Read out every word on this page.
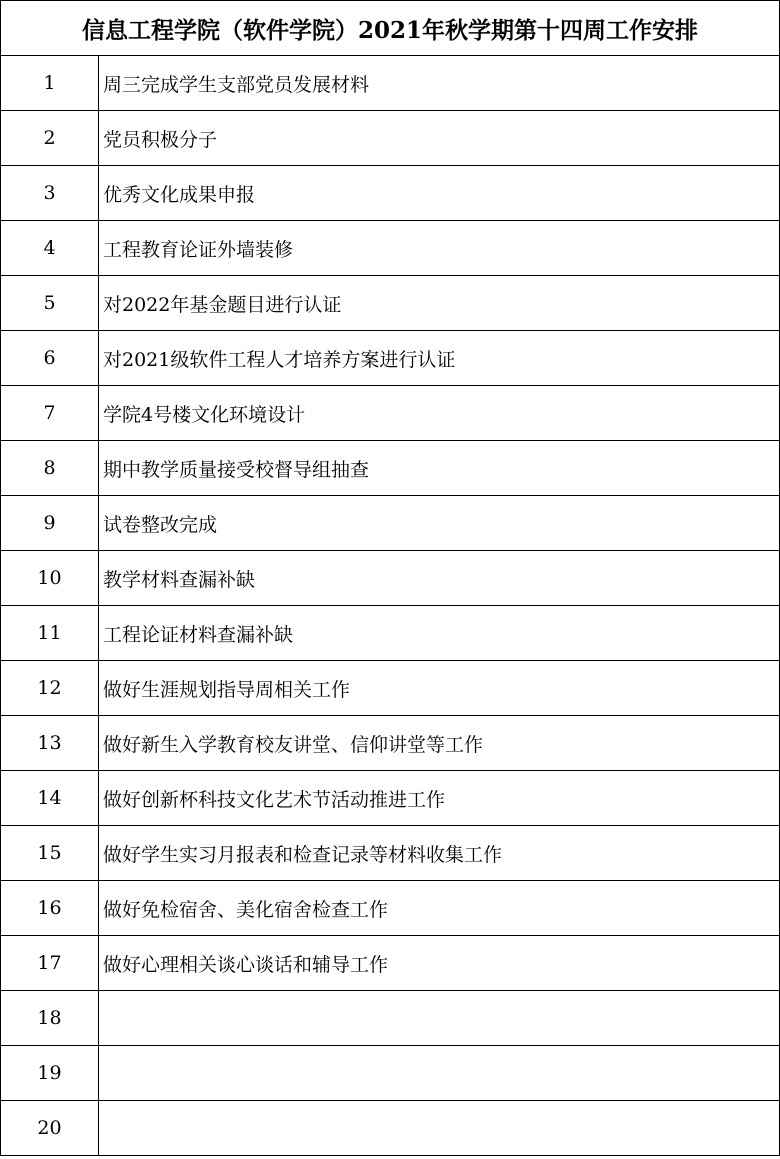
信息工程学院（软件学院）2021年秋学期第十四周工作安排	
1	周三完成学生支部党员发展材料
2	党员积极分子
3	优秀文化成果申报
4	工程教育论证外墙装修
5	对2022年基金题目进行认证
6	对2021级软件工程人才培养方案进行认证
7	学院4号楼文化环境设计
8	期中教学质量接受校督导组抽查
9	试卷整改完成
10	教学材料查漏补缺
11	工程论证材料查漏补缺
12	做好生涯规划指导周相关工作
13	做好新生入学教育校友讲堂、信仰讲堂等工作
14	做好创新杯科技文化艺术节活动推进工作
15	做好学生实习月报表和检查记录等材料收集工作
16	做好免检宿舍、美化宿舍检查工作
17	做好心理相关谈心谈话和辅导工作
18	
19	
20	
